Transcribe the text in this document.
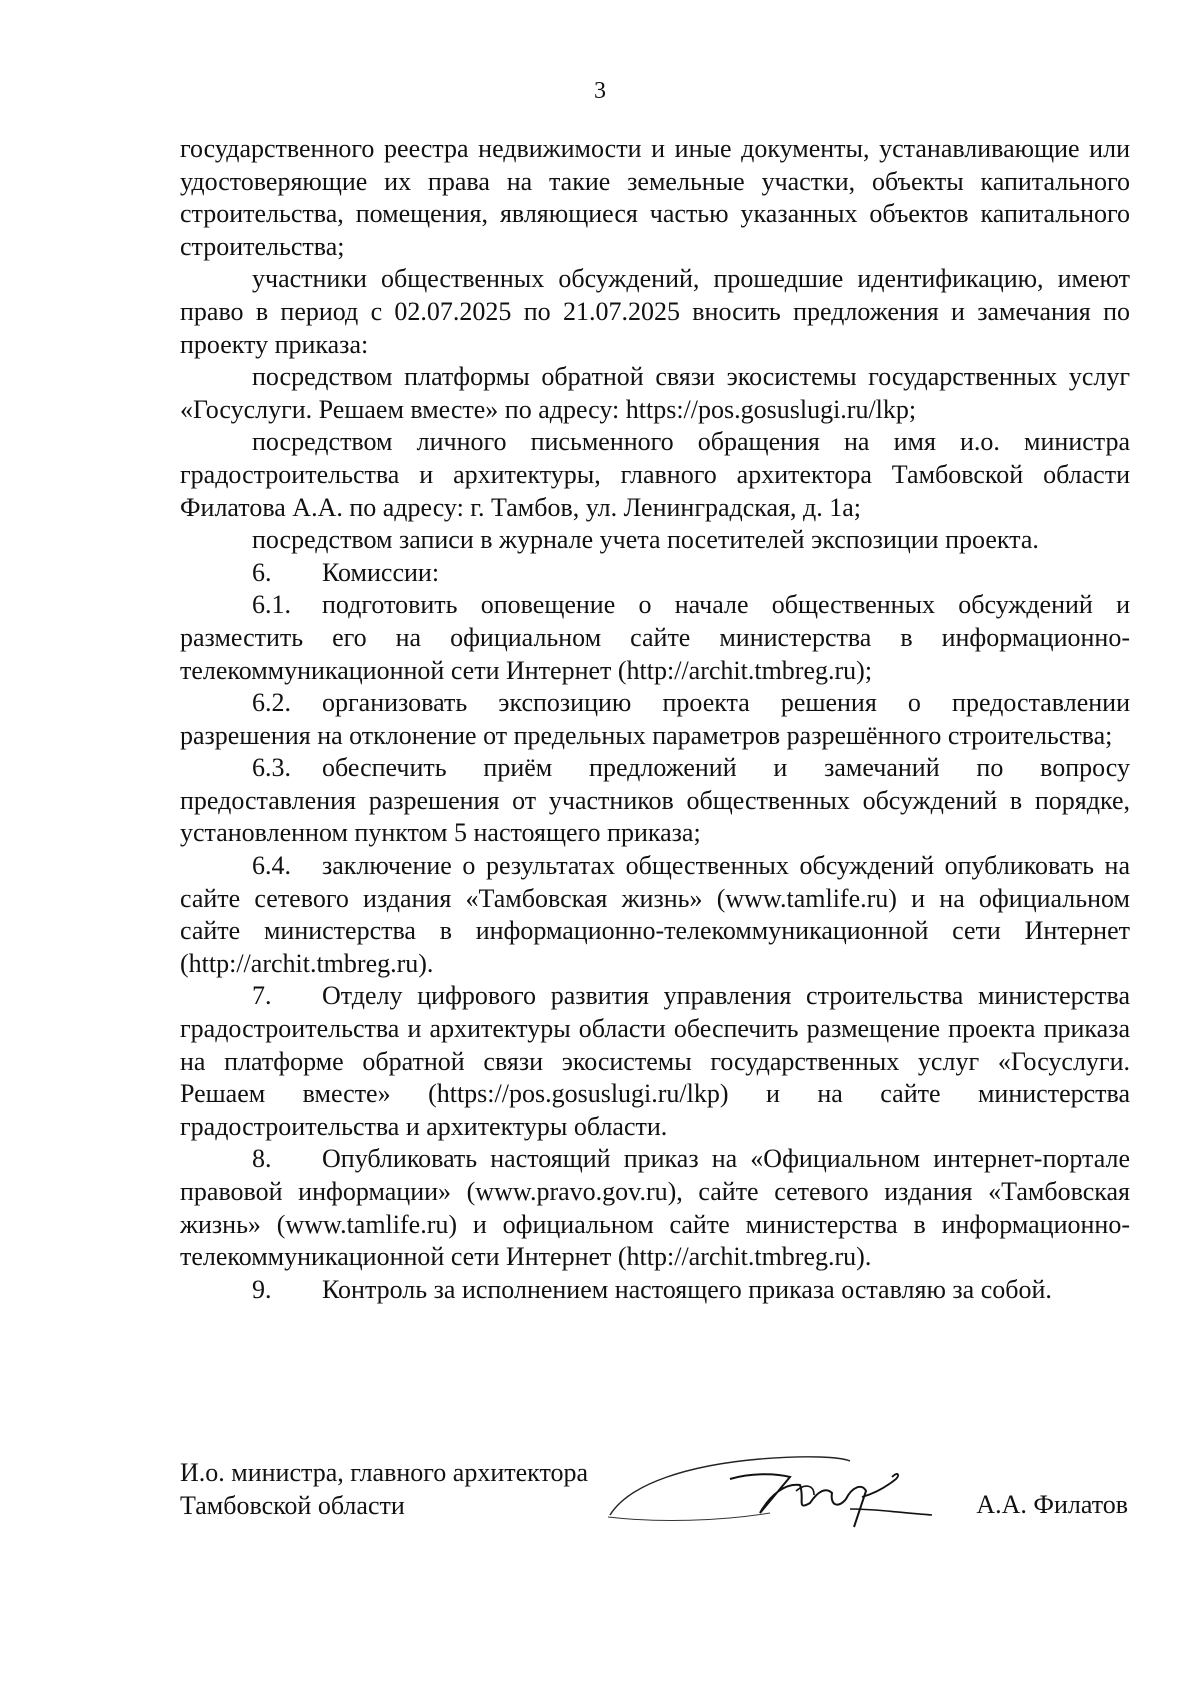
3

государственного реестра недвижимости и иные документы, устанавливающие или удостоверяющие их права на такие земельные участки, объекты капитального строительства, помещения, являющиеся частью указанных объектов капитального строительства;

участники общественных обсуждений, прошедшие идентификацию, имеют право в период с 02.07.2025 по 21.07.2025 вносить предложения и замечания по проекту приказа:

посредством платформы обратной связи экосистемы государственных услуг «Госуслуги. Решаем вместе» по адресу: https://pos.gosuslugi.ru/lkp;

посредством личного письменного обращения на имя и.о. министра градостроительства и архитектуры, главного архитектора Тамбовской области Филатова А.А. по адресу: г. Тамбов, ул. Ленинградская, д. 1а;

посредством записи в журнале учета посетителей экспозиции проекта.

6. Комиссии:

6.1. подготовить оповещение о начале общественных обсуждений и разместить его на официальном сайте министерства в информационно-телекоммуникационной сети Интернет (http://archit.tmbreg.ru);

6.2. организовать экспозицию проекта решения о предоставлении разрешения на отклонение от предельных параметров разрешённого строительства;

6.3. обеспечить приём предложений и замечаний по вопросу предоставления разрешения от участников общественных обсуждений в порядке, установленном пунктом 5 настоящего приказа;

6.4. заключение о результатах общественных обсуждений опубликовать на сайте сетевого издания «Тамбовская жизнь» (www.tamlife.ru) и на официальном сайте министерства в информационно-телекоммуникационной сети Интернет (http://archit.tmbreg.ru).

7. Отделу цифрового развития управления строительства министерства градостроительства и архитектуры области обеспечить размещение проекта приказа на платформе обратной связи экосистемы государственных услуг «Госуслуги. Решаем вместе» (https://pos.gosuslugi.ru/lkp) и на сайте министерства градостроительства и архитектуры области.

8. Опубликовать настоящий приказ на «Официальном интернет-портале правовой информации» (www.pravo.gov.ru), сайте сетевого издания «Тамбовская жизнь» (www.tamlife.ru) и официальном сайте министерства в информационно-телекоммуникационной сети Интернет (http://archit.tmbreg.ru).

9. Контроль за исполнением настоящего приказа оставляю за собой.

И.о. министра, главного архитектора
Тамбовской области	А.А. Филатов
